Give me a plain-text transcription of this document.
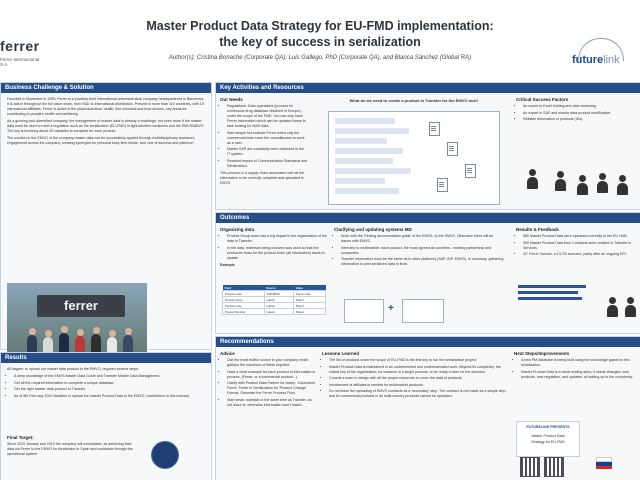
ferrer
Ferrer Internacional S.A.
Master Product Data Strategy for EU-FMD implementation:
the key of success in serialization
Author(s): Cristina Bonache (Corporate QA), Luis Gallego, PhD (Corporate QA), and Blanca Sánchez (Global RA)	futurelink
Business Challenge & Solution

Founded in November in 1959, Ferrer is a privately-held international pharmaceutical company headquartered in Barcelona. It is active throughout the full value chain, from R&D to international distribution. Present in more than 110 countries, with 19 international affiliates, Ferrer is active in the pharmaceutical, health, fine chemical and food sectors, key areas for contributing to people's health and wellbeing.

As a growing and diversified company, the management of master data is already a challenge, but even more if the master data must be used to meet a regulation such as the serialization (EU-FMD) in light falsified medicines and the EMVS/NMVS. The key is involving about 30 variables to complete for each product.

The solution in the EMVO of the company master data can be successfully applied through multidisciplinary teamwork, engagement across the company, creating synergies for personal busy time inside, and 'one of success and patience'.

ferrer
Results

All targets: to upload our master data product to the EMVO, required several steps:

• A deep knowledge of the EMVS Master Data Guide and Transfer Master Data Management.
• Get all the required information to complete a unique database.
• Get the right master data product to Transfer.
• As of 9th February 2019 deadline to upload the master Product Data to the EMVO, contribution in this industry.
Final Target:

Since 2019 January and 2019 the company will consolidate, as delivering their data via Ferrer to the EMVO for distribution in Spain and worldwide through the operational system.

Key Activities and Resources
Our Needs
• Regulations: Data operations (process for continuous drug database obtained in Europe), under the scope of the FMD. You can only have Ferrer information which can be updated frame to take looking for MAH data.
• Start simple but exclude Ferrer when only the commercial team have the consultancies to work as a user.
• Master SAP are constantly been extended in the IT system.
• Reached impact of Communication Standards and Serialization.

This process is a supply chain associated with all the information to be correctly complete and uploaded to EMVS.

What do we need to create a product in Transfer for the EMVO hub?	Critical Success Factors
• An expert in Excel holding and data cleansing.
• An expert in SAP and master data product modification.
• Reliable information of products (IDs).
Outcomes
Organizing data
• Product Group team has a big impact in the organization of the data in Transfer.
• In the data, materials being involved was used so that the contractor team for the product team (all information) starts to update.
Example
Field	Source	Value
Product code	SAP/MDM	Ferrer code
Product name	Labels	Brand
Product code	Labels	Brand
Product Number	Labels	Brand
Clarifying and updating systems MD
• Work with the 'Finding documentation guide' of the EMVS, a) the SMVS. Otherwise there will be issues with EMVS.
• Interview to multimarket: each product, the most agreed all countries - existing partnership and companies.
• Transfer information must be the same as in other platforms (SAP, IDP, EMVS). In summary, gathering information to print serialized data in lines.
+
Results & Feedback
• 580 Master Product Data were uploaded correctly to the EU HUB.
• 390 Master Product Data from Contracts were created in Transfer to Services.
• 3/7 Ferrer Volume, a 1/1/20 scenario: partly after an ongoing KPI.
Recommendations
Advice
• Use the most fruitful source in your company which gathers the maximum of fields required.
• Have a clear example for each product of information in process, (Ferrer, or a commercial product...).
• Clarify with Product Data Partner for clarity: 'Customers' Ferrer, Ferrer in Serialization for 'Product Change' Format. Generate the Ferrer Process Flow.
• Start small: maintain in the same time as Transfer, do not leave in; otherwise information won't match.
Lessons Learned
• The list of products under the scope of EU-FMD is the first key to run the serialization project.
• Master Product Data is maintained in an undetermined and underestimated work. Beyond its complexity, the critical key of the organization, for instance in a single process, to be ready in time for the decision.
• Commit a team to design with all the proper resources to cover the data of products.
• Involvement of affiliates is needed for multimarket products.
• Do not leave the uploading of EMVS contracts as a 'secondary' step. The contract is not made as a simple step, and for commercial products in all multi-country products cannot be uploaded.
Next Steps/Improvements
• A new PM database is being built using the knowledge gained in this serialization.
• Master Product Data is a never ending story: it needs changes; new products, new regulation, and updates, all adding up to the complexity.
FUTURELINK PRESENTS
Master Product Data
Strategy for EU-FMD
